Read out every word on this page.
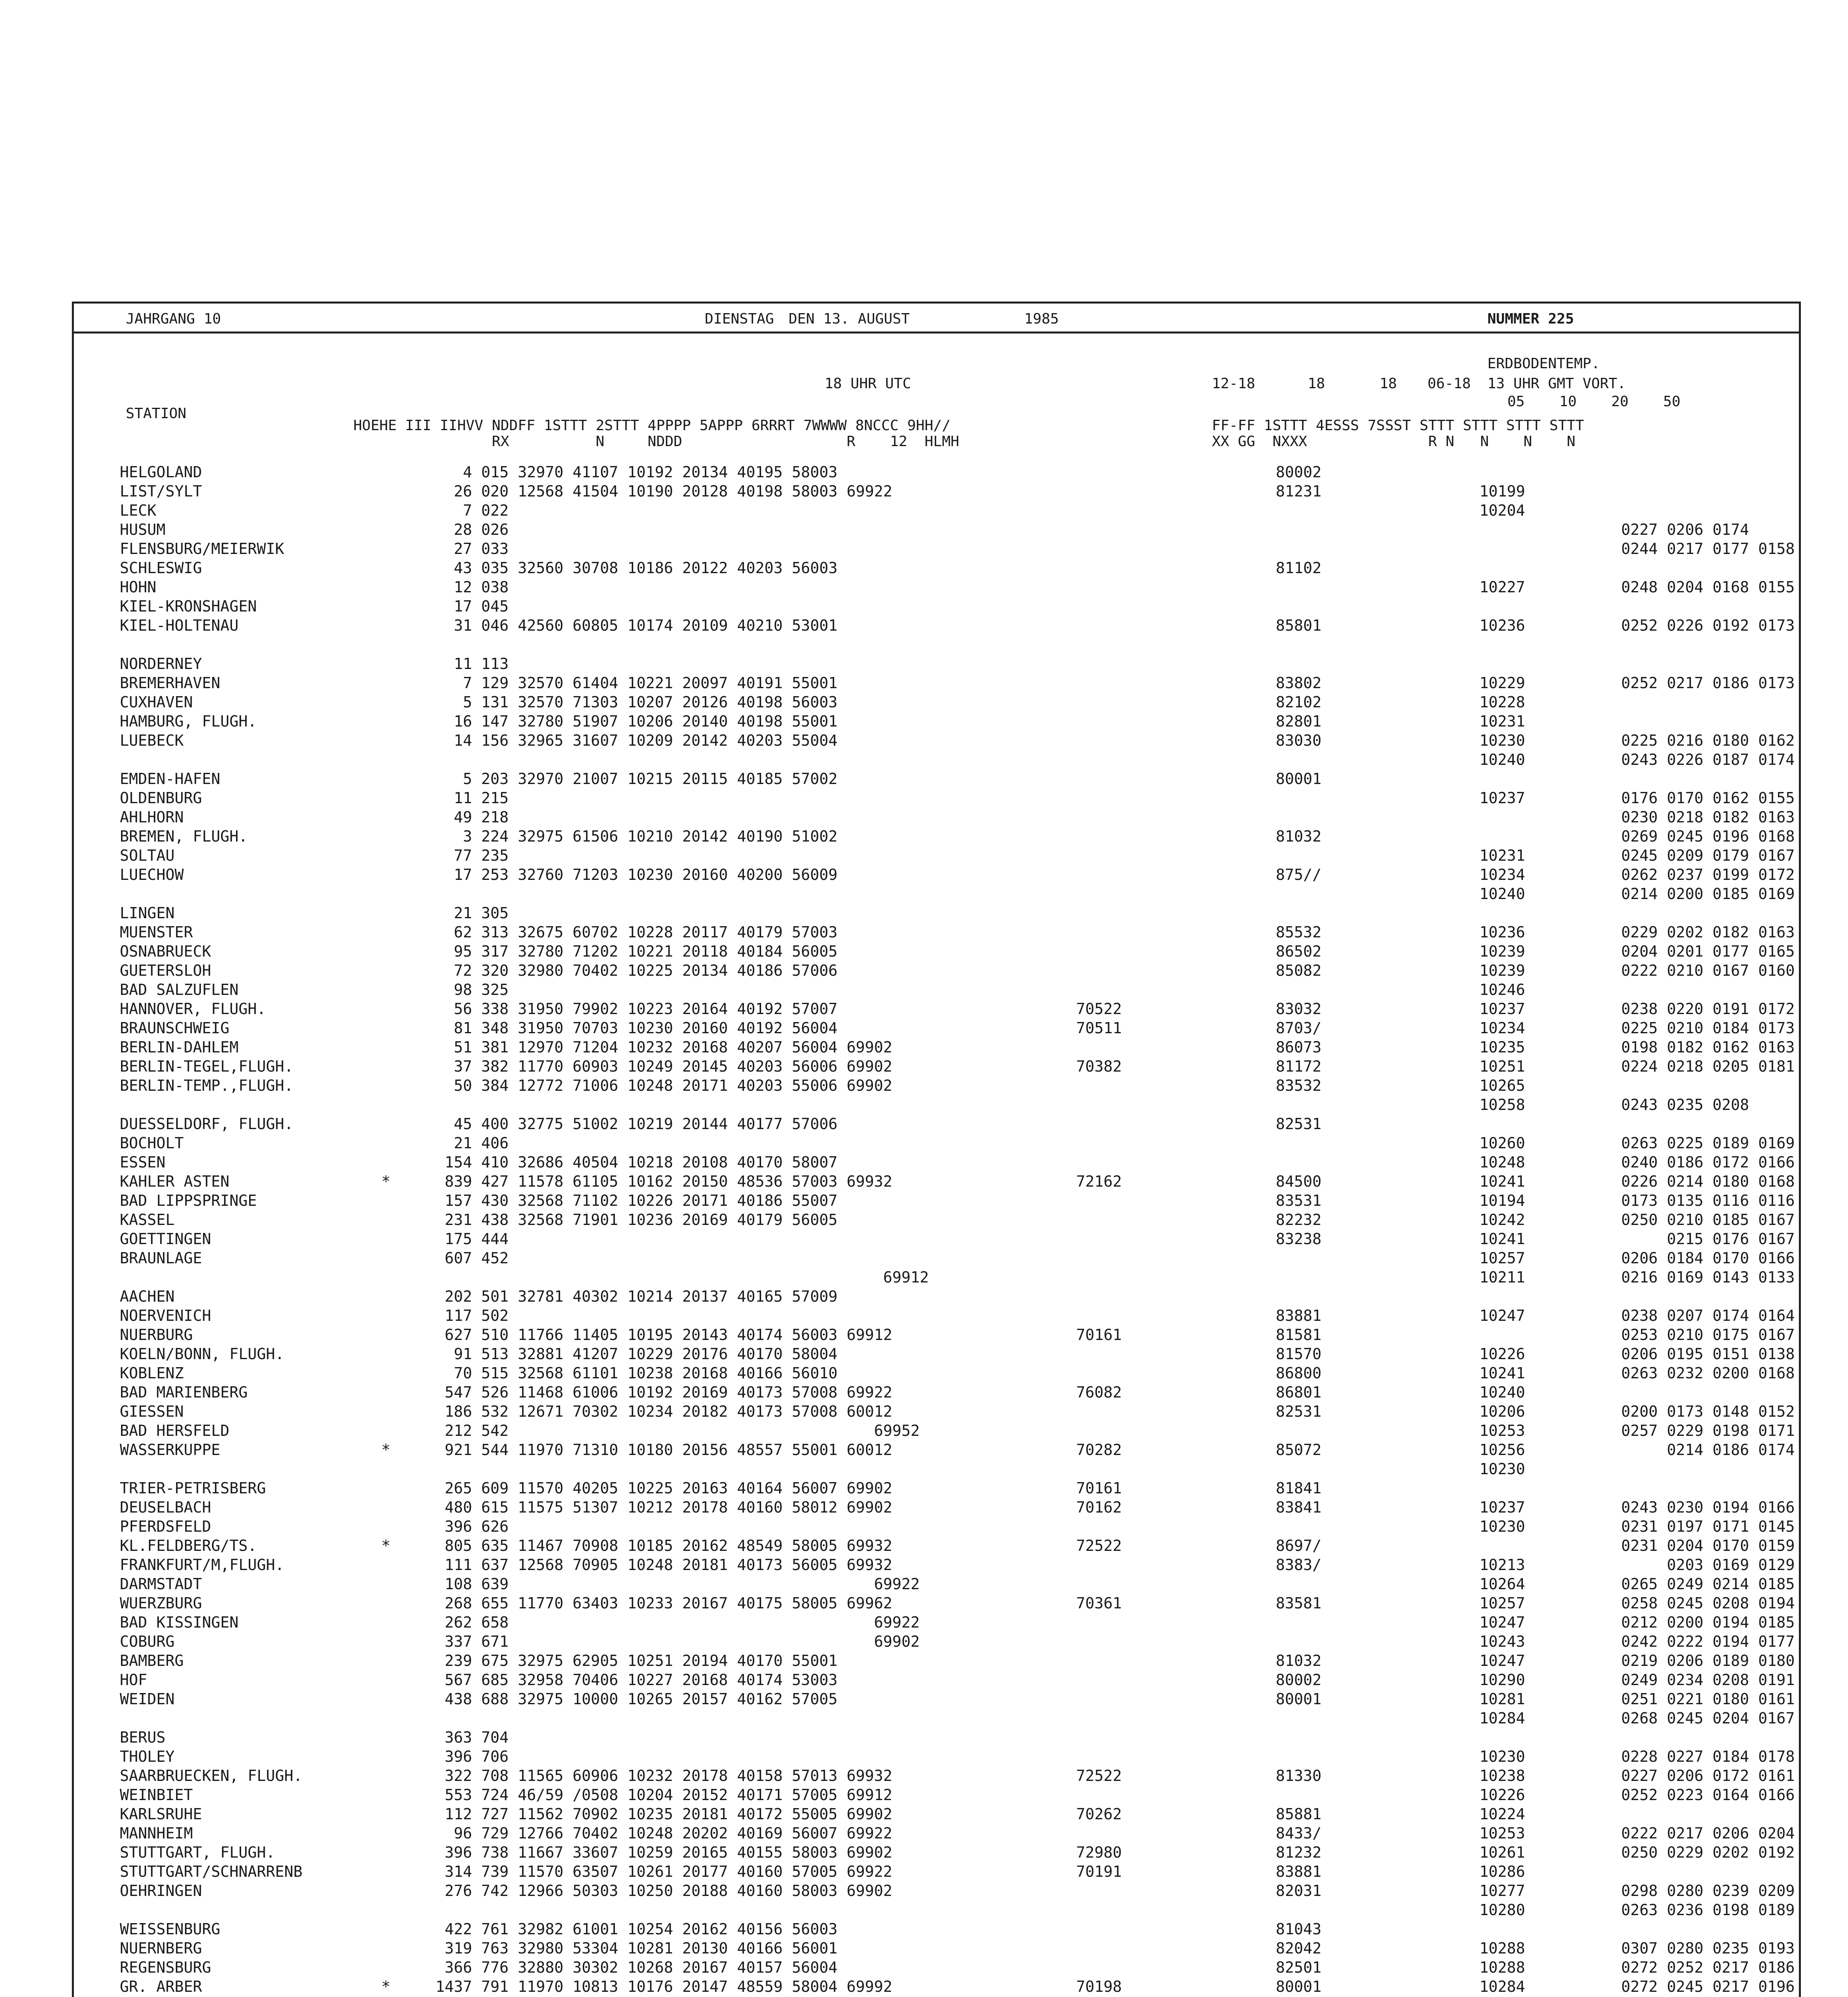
JAHRGANG 10	DIENSTAG DEN 13. AUGUST	1985	NUMMER 225
ERDBODENTEMP.
18 UHR UTC	12-18	18	18 06-18 13 UHR GMT VORT.
05    10    20    50
STATION
HOEHE III IIHVV NDDFF 1STTT 2STTT 4PPPP 5APPP 6RRRT 7WWWW 8NCCC 9HH//
RX          N     NDDD                   R    12  HLMH
FF-FF 1STTT 4ESSS 7SSST STTT STTT STTT STTT
XX GG  NXXX              R N   N    N    N
HELGOLAND	4 015 32970 41107 10192 20134 40195 58003	80002
LIST/SYLT	26 020 12568 41504 10190 20128 40198 58003 69922	81231	10199
LECK	7 022	10204
HUSUM	28 026	0227 0206 0174
FLENSBURG/MEIERWIK	27 033	0244 0217 0177 0158
SCHLESWIG	43 035 32560 30708 10186 20122 40203 56003	81102
HOHN	12 038	10227	0248 0204 0168 0155
KIEL-KRONSHAGEN	17 045
KIEL-HOLTENAU	31 046 42560 60805 10174 20109 40210 53001	85801	10236	0252 0226 0192 0173
NORDERNEY	11 113
BREMERHAVEN	7 129 32570 61404 10221 20097 40191 55001	83802	10229	0252 0217 0186 0173
CUXHAVEN	5 131 32570 71303 10207 20126 40198 56003	82102	10228
HAMBURG, FLUGH.	16 147 32780 51907 10206 20140 40198 55001	82801	10231
LUEBECK	14 156 32965 31607 10209 20142 40203 55004	83030	10230	0225 0216 0180 0162
10240	0243 0226 0187 0174
EMDEN-HAFEN	5 203 32970 21007 10215 20115 40185 57002	80001
OLDENBURG	11 215	10237	0176 0170 0162 0155
AHLHORN	49 218	0230 0218 0182 0163
BREMEN, FLUGH.	3 224 32975 61506 10210 20142 40190 51002	81032	0269 0245 0196 0168
SOLTAU	77 235	10231	0245 0209 0179 0167
LUECHOW	17 253 32760 71203 10230 20160 40200 56009	875//	10234	0262 0237 0199 0172
10240	0214 0200 0185 0169
LINGEN	21 305
MUENSTER	62 313 32675 60702 10228 20117 40179 57003	85532	10236	0229 0202 0182 0163
OSNABRUECK	95 317 32780 71202 10221 20118 40184 56005	86502	10239	0204 0201 0177 0165
GUETERSLOH	72 320 32980 70402 10225 20134 40186 57006	85082	10239	0222 0210 0167 0160
BAD SALZUFLEN	98 325	10246
HANNOVER, FLUGH.	56 338 31950 79902 10223 20164 40192 57007	70522	83032	10237	0238 0220 0191 0172
BRAUNSCHWEIG	81 348 31950 70703 10230 20160 40192 56004	70511	8703/	10234	0225 0210 0184 0173
BERLIN-DAHLEM	51 381 12970 71204 10232 20168 40207 56004 69902	86073	10235	0198 0182 0162 0163
BERLIN-TEGEL,FLUGH.	37 382 11770 60903 10249 20145 40203 56006 69902	70382	81172	10251	0224 0218 0205 0181
BERLIN-TEMP.,FLUGH.	50 384 12772 71006 10248 20171 40203 55006 69902	83532	10265
10258	0243 0235 0208
DUESSELDORF, FLUGH.	45 400 32775 51002 10219 20144 40177 57006	82531
BOCHOLT	21 406	10260	0263 0225 0189 0169
ESSEN	154 410 32686 40504 10218 20108 40170 58007	10248	0240 0186 0172 0166
KAHLER ASTEN	* 839 427 11578 61105 10162 20150 48536 57003 69932	72162	84500	10241	0226 0214 0180 0168
BAD LIPPSPRINGE	157 430 32568 71102 10226 20171 40186 55007	83531	10194	0173 0135 0116 0116
KASSEL	231 438 32568 71901 10236 20169 40179 56005	82232	10242	0250 0210 0185 0167
GOETTINGEN	175 444	83238	10241	0215 0176 0167
BRAUNLAGE	607 452	10257	0206 0184 0170 0166
69912	10211	0216 0169 0143 0133
AACHEN	202 501 32781 40302 10214 20137 40165 57009
NOERVENICH	117 502	83881	10247	0238 0207 0174 0164
NUERBURG	627 510 11766 11405 10195 20143 40174 56003 69912	70161	81581	0253 0210 0175 0167
KOELN/BONN, FLUGH.	91 513 32881 41207 10229 20176 40170 58004	81570	10226	0206 0195 0151 0138
KOBLENZ	70 515 32568 61101 10238 20168 40166 56010	86800	10241	0263 0232 0200 0168
BAD MARIENBERG	547 526 11468 61006 10192 20169 40173 57008 69922	76082	86801	10240
GIESSEN	186 532 12671 70302 10234 20182 40173 57008 60012	82531	10206	0200 0173 0148 0152
BAD HERSFELD	212 542                                        69952	10253	0257 0229 0198 0171
WASSERKUPPE	* 921 544 11970 71310 10180 20156 48557 55001 60012	70282	85072	10256	0214 0186 0174
10230
TRIER-PETRISBERG	265 609 11570 40205 10225 20163 40164 56007 69902	70161	81841
DEUSELBACH	480 615 11575 51307 10212 20178 40160 58012 69902	70162	83841	10237	0243 0230 0194 0166
PFERDSFELD	396 626	10230	0231 0197 0171 0145
KL.FELDBERG/TS.	* 805 635 11467 70908 10185 20162 48549 58005 69932	72522	8697/	0231 0204 0170 0159
FRANKFURT/M,FLUGH.	111 637 12568 70905 10248 20181 40173 56005 69932	8383/	10213	0203 0169 0129
DARMSTADT	108 639                                        69922	10264	0265 0249 0214 0185
WUERZBURG	268 655 11770 63403 10233 20167 40175 58005 69962	70361	83581	10257	0258 0245 0208 0194
BAD KISSINGEN	262 658                                        69922	10247	0212 0200 0194 0185
COBURG	337 671                                        69902	10243	0242 0222 0194 0177
BAMBERG	239 675 32975 62905 10251 20194 40170 55001	81032	10247	0219 0206 0189 0180
HOF	567 685 32958 70406 10227 20168 40174 53003	80002	10290	0249 0234 0208 0191
WEIDEN	438 688 32975 10000 10265 20157 40162 57005	80001	10281	0251 0221 0180 0161
10284	0268 0245 0204 0167
BERUS	363 704
THOLEY	396 706	10230	0228 0227 0184 0178
SAARBRUECKEN, FLUGH.	322 708 11565 60906 10232 20178 40158 57013 69932	72522	81330	10238	0227 0206 0172 0161
WEINBIET	553 724 46/59 /0508 10204 20152 40171 57005 69912	10226	0252 0223 0164 0166
KARLSRUHE	112 727 11562 70902 10235 20181 40172 55005 69902	70262	85881	10224
MANNHEIM	96 729 12766 70402 10248 20202 40169 56007 69922	8433/	10253	0222 0217 0206 0204
STUTTGART, FLUGH.	396 738 11667 33607 10259 20165 40155 58003 69902	72980	81232	10261	0250 0229 0202 0192
STUTTGART/SCHNARRENB	314 739 11570 63507 10261 20177 40160 57005 69922	70191	83881	10286
OEHRINGEN	276 742 12966 50303 10250 20188 40160 58003 69902	82031	10277	0298 0280 0239 0209
10280	0263 0236 0198 0189
WEISSENBURG	422 761 32982 61001 10254 20162 40156 56003	81043
NUERNBERG	319 763 32980 53304 10281 20130 40166 56001	82042	10288	0307 0280 0235 0193
REGENSBURG	366 776 32880 30302 10268 20167 40157 56004	82501	10288	0272 0252 0217 0186
GR. ARBER	* 1437 791 11970 10813 10176 20147 48559 58004 69992	70198	80001	10284	0272 0245 0217 0196
